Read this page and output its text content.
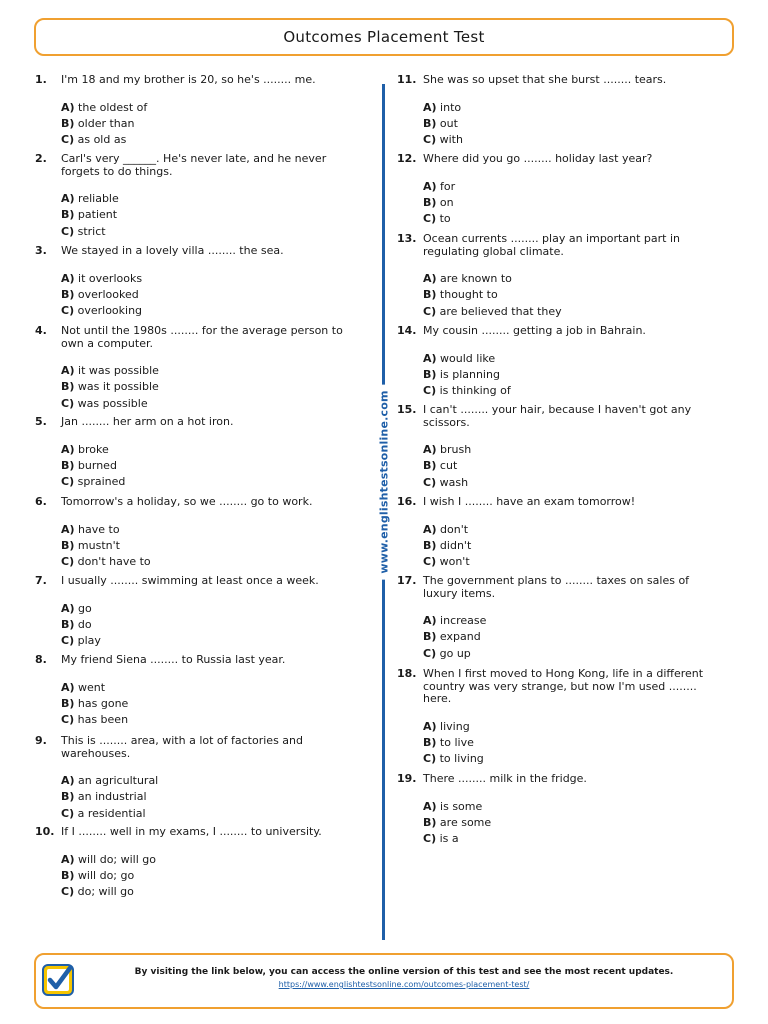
Outcomes Placement Test
www.englishtestsonline.com
1. I'm 18 and my brother is 20, so he's ........ me.
A) the oldest of
B) older than
C) as old as
2. Carl's very ______. He's never late, and he never
forgets to do things.
A) reliable
B) patient
C) strict
3. We stayed in a lovely villa ........ the sea.
A) it overlooks
B) overlooked
C) overlooking
4. Not until the 1980s ........ for the average person to
own a computer.
A) it was possible
B) was it possible
C) was possible
5. Jan ........ her arm on a hot iron.
A) broke
B) burned
C) sprained
6. Tomorrow's a holiday, so we ........ go to work.
A) have to
B) mustn't
C) don't have to
7. I usually ........ swimming at least once a week.
A) go
B) do
C) play
8. My friend Siena ........ to Russia last year.
A) went
B) has gone
C) has been
9. This is ........ area, with a lot of factories and
warehouses.
A) an agricultural
B) an industrial
C) a residential
10. If I ........ well in my exams, I ........ to university.
A) will do; will go
B) will do; go
C) do; will go
11. She was so upset that she burst ........ tears.
A) into
B) out
C) with
12. Where did you go ........ holiday last year?
A) for
B) on
C) to
13. Ocean currents ........ play an important part in
regulating global climate.
A) are known to
B) thought to
C) are believed that they
14. My cousin ........ getting a job in Bahrain.
A) would like
B) is planning
C) is thinking of
15. I can't ........ your hair, because I haven't got any
scissors.
A) brush
B) cut
C) wash
16. I wish I ........ have an exam tomorrow!
A) don't
B) didn't
C) won't
17. The government plans to ........ taxes on sales of
luxury items.
A) increase
B) expand
C) go up
18. When I first moved to Hong Kong, life in a different
country was very strange, but now I'm used ........
here.
A) living
B) to live
C) to living
19. There ........ milk in the fridge.
A) is some
B) are some
C) is a
By visiting the link below, you can access the online version of this test and see the most recent updates.
https://www.englishtestsonline.com/outcomes-placement-test/
